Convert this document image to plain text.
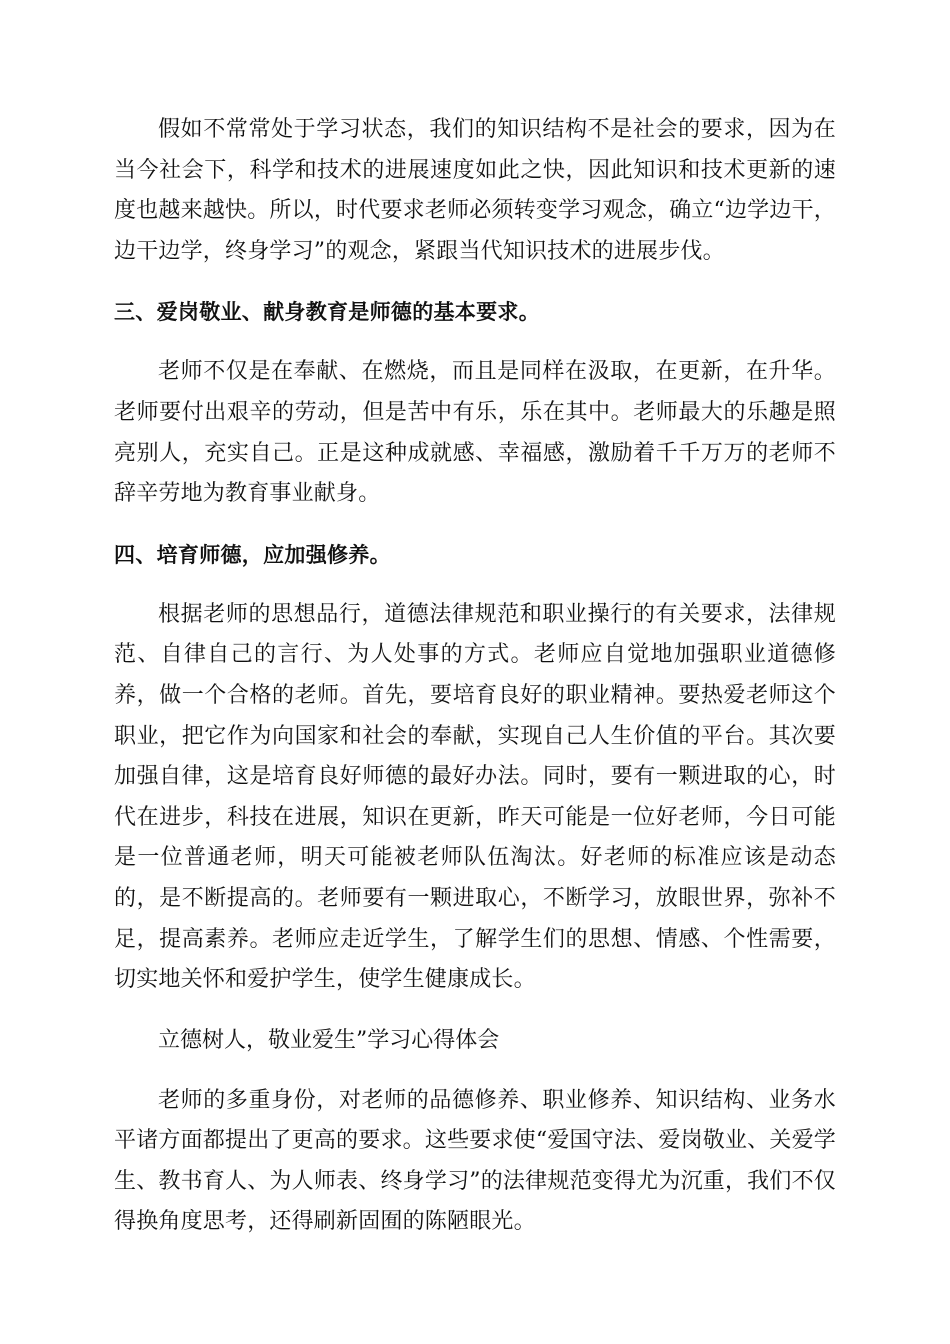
假如不常常处于学习状态，我们的知识结构不是社会的要求，因为在当今社会下，科学和技术的进展速度如此之快，因此知识和技术更新的速度也越来越快。所以，时代要求老师必须转变学习观念，确立“边学边干，边干边学，终身学习”的观念，紧跟当代知识技术的进展步伐。

三、爱岗敬业、献身教育是师德的基本要求。

老师不仅是在奉献、在燃烧，而且是同样在汲取，在更新，在升华。老师要付出艰辛的劳动，但是苦中有乐，乐在其中。老师最大的乐趣是照亮别人，充实自己。正是这种成就感、幸福感，激励着千千万万的老师不辞辛劳地为教育事业献身。

四、培育师德，应加强修养。

根据老师的思想品行，道德法律规范和职业操行的有关要求，法律规范、自律自己的言行、为人处事的方式。老师应自觉地加强职业道德修养，做一个合格的老师。首先，要培育良好的职业精神。要热爱老师这个职业，把它作为向国家和社会的奉献，实现自己人生价值的平台。其次要加强自律，这是培育良好师德的最好办法。同时，要有一颗进取的心，时代在进步，科技在进展，知识在更新，昨天可能是一位好老师，今日可能是一位普通老师，明天可能被老师队伍淘汰。好老师的标准应该是动态的，是不断提高的。老师要有一颗进取心，不断学习，放眼世界，弥补不足，提高素养。老师应走近学生，了解学生们的思想、情感、个性需要，切实地关怀和爱护学生，使学生健康成长。

立德树人，敬业爱生”学习心得体会

老师的多重身份，对老师的品德修养、职业修养、知识结构、业务水平诸方面都提出了更高的要求。这些要求使“爱国守法、爱岗敬业、关爱学生、教书育人、为人师表、终身学习”的法律规范变得尤为沉重，我们不仅得换角度思考，还得刷新固囿的陈陋眼光。
